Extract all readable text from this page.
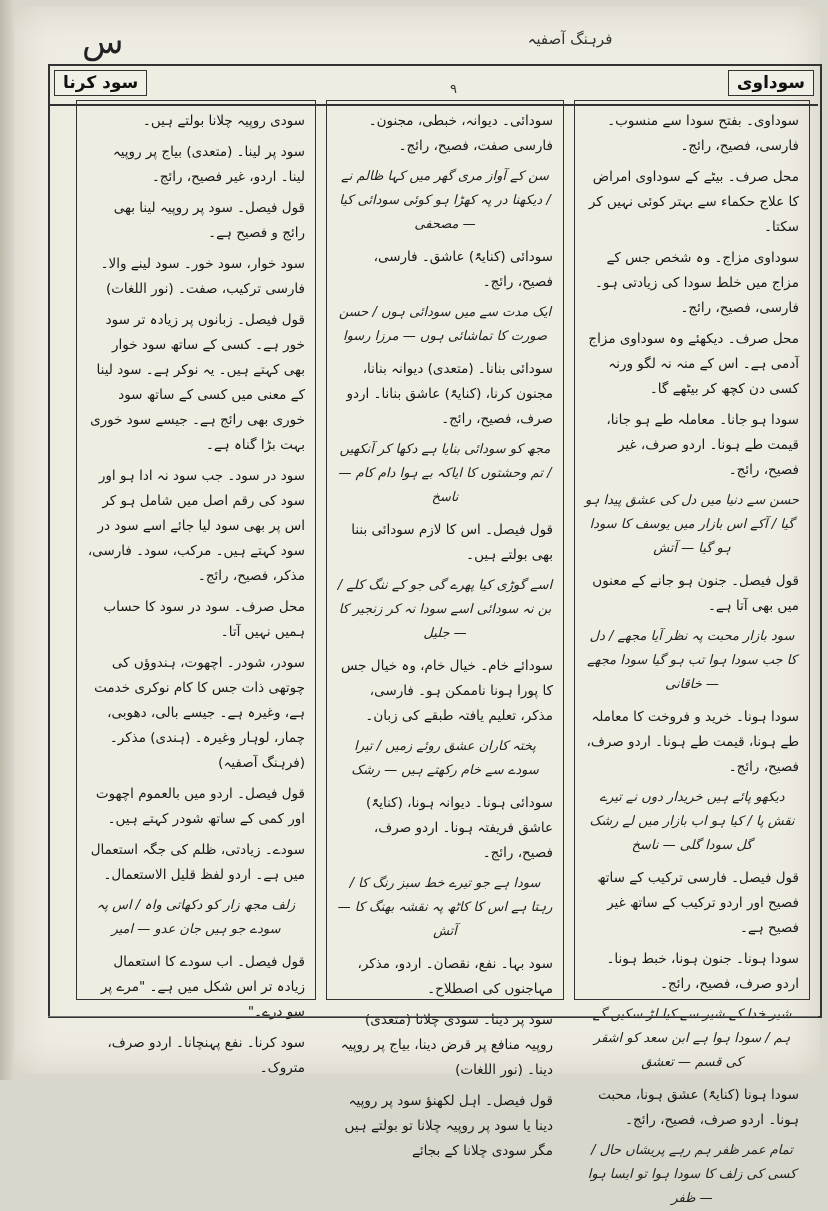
س	فرہنگ آصفیہ
سود کرنا	سوداوی
٩

سوداوی۔ بفتح سودا سے منسوب۔ فارسی، فصیح، رائج۔

محل صرف۔ بیٹے کے سوداوی امراض کا علاج حکماء سے بہتر کوئی نہیں کر سکتا۔

سوداوی مزاج۔ وہ شخص جس کے مزاج میں خلط سودا کی زیادتی ہو۔ فارسی، فصیح، رائج۔

محل صرف۔ دیکھئے وہ سوداوی مزاج آدمی ہے۔ اس کے منہ نہ لگو ورنہ کسی دن کچھ کر بیٹھے گا۔

سودا ہو جانا۔ معاملہ طے ہو جانا، قیمت طے ہونا۔ اردو صرف، غیر فصیح، رائج۔

حسن سے دنیا میں دل کی عشق پیدا ہو گیا / آکے اس بازار میں یوسف کا سودا ہو گیا — آتش

قول فیصل۔ جنون ہو جانے کے معنوں میں بھی آتا ہے۔

سود بازار محبت پہ نظر آیا مجھے / دل کا جب سودا ہوا تب ہو گیا سودا مجھے — خاقانی

سودا ہونا۔ خرید و فروخت کا معاملہ طے ہونا، قیمت طے ہونا۔ اردو صرف، فصیح، رائج۔

دیکھو پائے ہیں خریدار دوں نے تیرے نقش پا / کیا ہو اب بازار میں لے رشک گل سودا گلی — ناسخ

قول فیصل۔ فارسی ترکیب کے ساتھ فصیح اور اردو ترکیب کے ساتھ غیر فصیح ہے۔

سودا ہونا۔ جنون ہونا، خبط ہونا۔ اردو صرف، فصیح، رائج۔

شیر خدا کے شیر سے کیا لڑ سکیں گے ہم / سودا ہوا ہے ابن سعد کو اشقر کی قسم — تعشق

سودا ہونا (کنایۃً) عشق ہونا، محبت ہونا۔ اردو صرف، فصیح، رائج۔

تمام عمر ظفر ہم رہے پریشاں حال / کسی کی زلف کا سودا ہوا تو ایسا ہوا — ظفر

سودائی۔ دیوانہ، خبطی، مجنون۔ فارسی صفت، فصیح، رائج۔

سن کے آواز مری گھر میں کہا ظالم نے / دیکھنا در پہ کھڑا ہو کوئی سودائی کیا — مصحفی

سودائی (کنایۃً) عاشق۔ فارسی، فصیح، رائج۔

ایک مدت سے میں سودائی ہوں / حسن صورت کا تماشائی ہوں — مرزا رسوا

سودائی بنانا۔ (متعدی) دیوانہ بنانا، مجنون کرنا، (کنایۃً) عاشق بنانا۔ اردو صرف، فصیح، رائج۔

مجھ کو سودائی بنایا ہے دکھا کر آنکھیں / تم وحشتوں کا ایاکہ بے ہوا دام کام — ناسخ

قول فیصل۔ اس کا لازم سودائی بننا بھی بولتے ہیں۔

اسے گوڑی کیا پھرے گی جو کے ننگ کلے / بن نہ سودائی اسے سودا نہ کر زنجیر کا — جلیل

سودائے خام۔ خیال خام، وہ خیال جس کا پورا ہونا ناممکن ہو۔ فارسی، مذکر، تعلیم یافتہ طبقے کی زبان۔

پختہ کاران عشق روئے زمیں / تیرا سودے سے خام رکھتے ہیں — رشک

سودائی ہونا۔ دیوانہ ہونا، (کنایۃً) عاشق فریفتہ ہونا۔ اردو صرف، فصیح، رائج۔

سودا ہے جو تیرے خط سبز رنگ کا / رہتا ہے اس کا کاٹھ پہ نقشہ بھنگ کا — آتش

سود بہا۔ نفع، نقصان۔ اردو، مذکر، مہاجنوں کی اصطلاح۔

سود پر دینا۔ سودی چلانا (متعدی) روپیہ منافع پر قرض دینا، بیاج پر روپیہ دینا۔ (نور اللغات)

قول فیصل۔ اہل لکھنؤ سود پر روپیہ دینا یا سود پر روپیہ چلانا تو بولتے ہیں مگر سودی چلانا کے بجائے

سودی روپیہ چلانا بولتے ہیں۔

سود پر لینا۔ (متعدی) بیاج پر روپیہ لینا۔ اردو، غیر فصیح، رائج۔

قول فیصل۔ سود پر روپیہ لینا بھی رائج و فصیح ہے۔

سود خوار، سود خور۔ سود لینے والا۔ فارسی ترکیب، صفت۔ (نور اللغات)

قول فیصل۔ زبانوں پر زیادہ تر سود خور ہے۔ کسی کے ساتھ سود خوار بھی کہتے ہیں۔ یہ نوکر ہے۔ سود لینا کے معنی میں کسی کے ساتھ سود خوری بھی رائج ہے۔ جیسے سود خوری بہت بڑا گناہ ہے۔

سود در سود۔ جب سود نہ ادا ہو اور سود کی رقم اصل میں شامل ہو کر اس پر بھی سود لیا جائے اسے سود در سود کہتے ہیں۔ مرکب، سود۔ فارسی، مذکر، فصیح، رائج۔

محل صرف۔ سود در سود کا حساب ہمیں نہیں آتا۔

سودر، شودر۔ اچھوت، ہندوؤں کی چوتھی ذات جس کا کام نوکری خدمت ہے، وغیرہ ہے۔ جیسے بالی، دھوبی، چمار، لوہار وغیرہ۔ (ہندی) مذکر۔ (فرہنگ آصفیہ)

قول فیصل۔ اردو میں بالعموم اچھوت اور کمی کے ساتھ شودر کہتے ہیں۔

سودے۔ زیادتی، ظلم کی جگہ استعمال میں ہے۔ اردو لفظ قلیل الاستعمال۔

زلف مجھ زار کو دکھاتی واہ / اس پہ سودے جو ہیں جان عدو — امیر

قول فیصل۔ اب سودے کا استعمال زیادہ تر اس شکل میں ہے۔ "مرے پر سو درے۔"

سود کرنا۔ نفع پہنچانا۔ اردو صرف، متروک۔
